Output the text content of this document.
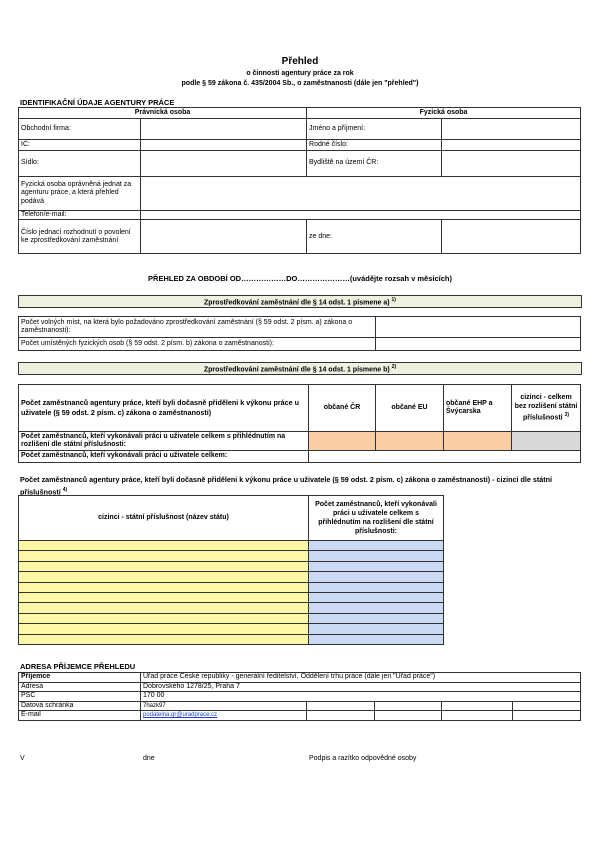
Přehled
o činnosti agentury práce za rok
podle § 59 zákona č. 435/2004 Sb., o zaměstnanosti (dále jen "přehled")
IDENTIFIKAČNÍ ÚDAJE AGENTURY PRÁCE
Právnická osoba		Fyzická osoba	
Obchodní firma:		Jméno a příjmení:	
IČ:		Rodné číslo:	
Sídlo:		Bydliště na území ČR:	
Fyzická osoba oprávněná jednat za agenturu práce, a která přehled podává			
Telefon/e-mail:			
Číslo jednací rozhodnutí o povolení ke zprostředkování zaměstnání		ze dne:	
PŘEHLED ZA OBDOBÍ OD………………DO…………………(uvádějte rozsah v měsících)
Zprostředkování zaměstnání dle § 14 odst. 1 písmene a) $^{1)}$
Počet volných míst, na která bylo požadováno zprostředkování zaměstnání (§ 59 odst. 2 písm. a) zákona o zaměstnanosti):	
Počet umístěných fyzických osob (§ 59 odst. 2 písm. b) zákona o zaměstnanosti):	
Zprostředkování zaměstnání dle § 14 odst. 1 písmene b) $^{2)}$
Počet zaměstnanců agentury práce, kteří byli dočasně přiděleni k výkonu práce u uživatele (§ 59 odst. 2 písm. c) zákona o zaměstnanosti)	občané ČR	občané EU	občané EHP a Švýcarska	cizinci - celkem bez rozlišení státní příslušnosti $^{3)}$
Počet zaměstnanců, kteří vykonávali práci u uživatele celkem s přihlédnutím na rozlišení dle státní příslušnosti:				
Počet zaměstnanců, kteří vykonávali práci u uživatele celkem:				
Počet zaměstnanců agentury práce, kteří byli dočasně přiděleni k výkonu práce u uživatele (§ 59 odst. 2 písm. c) zákona o zaměstnanosti) - cizinci dle státní příslušnosti $^{4)}$
cizinci - státní příslušnost (název státu)	Počet zaměstnanců, kteří vykonávali práci u uživatele celkem s přihlédnutím na rozlišení dle státní příslušnosti:

ADRESA PŘÍJEMCE PŘEHLEDU
Příjemce	Úřad práce České republiky - generální ředitelství, Oddělení trhu práce (dále jen "Úřad práce")				
Adresa	Dobrovského 1278/25, Praha 7				
PSČ	170 00				
Datová schránka	7hazk97				
E-mail	podatelna.gr@uradprace.cz				
V	dne	Podpis a razítko odpovědné osoby
